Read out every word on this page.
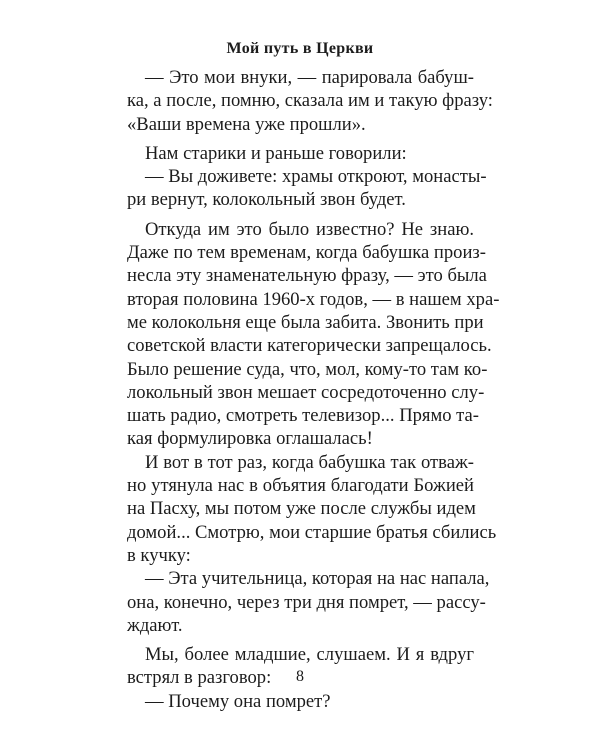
Мой путь в Церкви
— Это мои внуки, — парировала бабуш-
ка, а после, помню, сказала им и такую фразу:
«Ваши времена уже прошли».
Нам старики и раньше говорили:
— Вы доживете: храмы откроют, монасты-
ри вернут, колокольный звон будет.
Откуда им это было известно? Не знаю.
Даже по тем временам, когда бабушка произ-
несла эту знаменательную фразу, — это была
вторая половина 1960-х годов, — в нашем хра-
ме колокольня еще была забита. Звонить при
советской власти категорически запрещалось.
Было решение суда, что, мол, кому-то там ко-
локольный звон мешает сосредоточенно слу-
шать радио, смотреть телевизор... Прямо та-
кая формулировка оглашалась!
И вот в тот раз, когда бабушка так отваж-
но утянула нас в объятия благодати Божией
на Пасху, мы потом уже после службы идем
домой... Смотрю, мои старшие братья сбились
в кучку:
— Эта учительница, которая на нас напала,
она, конечно, через три дня помрет, — рассу-
ждают.
Мы, более младшие, слушаем. И я вдруг
встрял в разговор:
— Почему она помрет?
8
